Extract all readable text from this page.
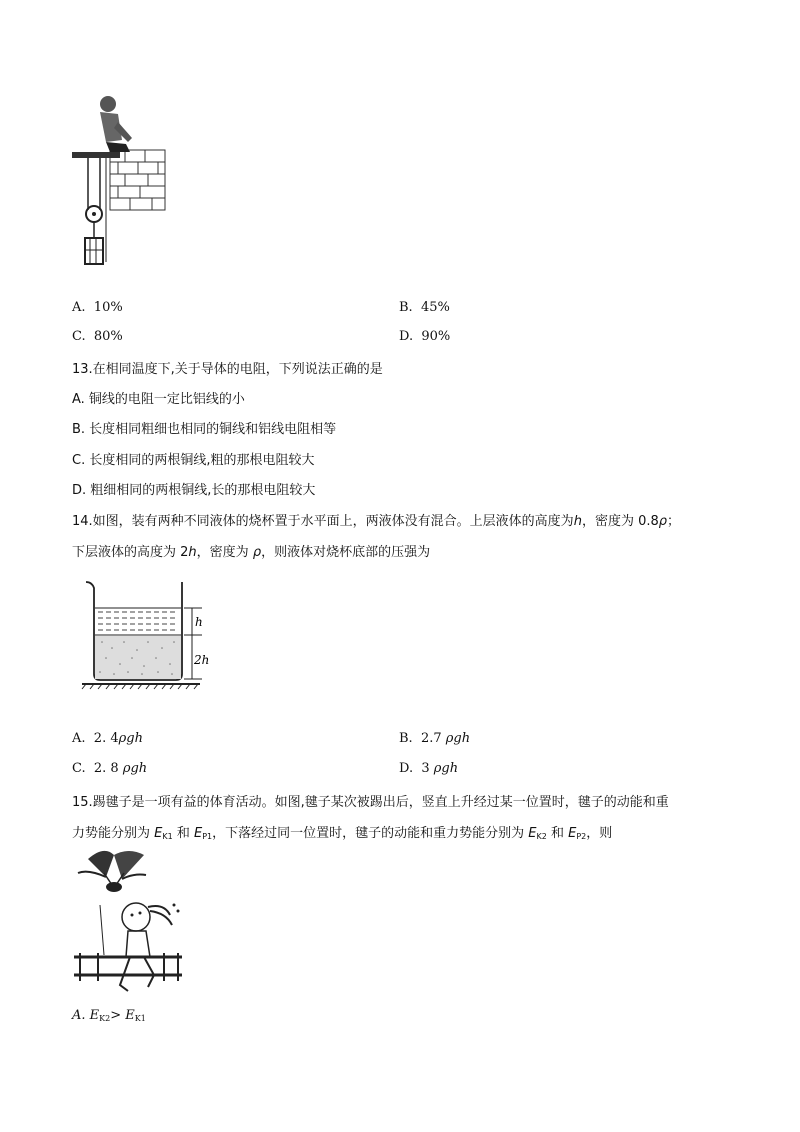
A. 10%	B. 45%
C. 80%	D. 90%
13.在相同温度下,关于导体的电阻，下列说法正确的是
A. 铜线的电阻一定比铝线的小
B. 长度相同粗细也相同的铜线和铝线电阻相等
C. 长度相同的两根铜线,粗的那根电阻较大
D. 粗细相同的两根铜线,长的那根电阻较大
14.如图，装有两种不同液体的烧杯置于水平面上，两液体没有混合。上层液体的高度为h，密度为 0.8ρ；
下层液体的高度为 2h，密度为 ρ，则液体对烧杯底部的压强为
h
2h
A. 2. 4ρgh	B. 2.7 ρgh
C. 2. 8 ρgh	D. 3 ρgh
15.踢毽子是一项有益的体育活动。如图,毽子某次被踢出后，竖直上升经过某一位置时，毽子的动能和重
力势能分别为 $E_{K1}$ 和 $E_{P1}$，下落经过同一位置时，毽子的动能和重力势能分别为 $E_{K2}$ 和 $E_{P2}$，则
A. $E_{K2}> E_{K1}$
